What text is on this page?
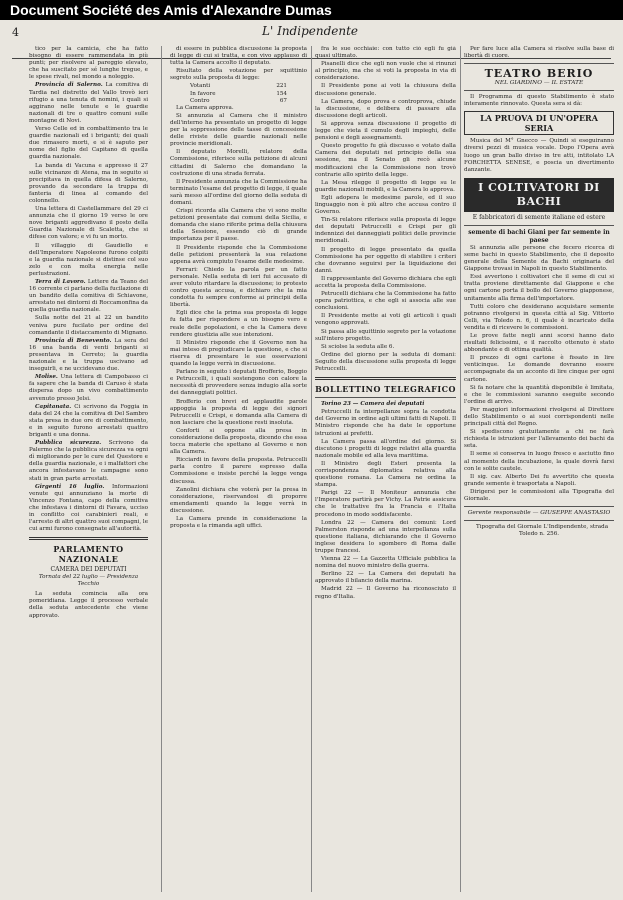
Document Société des Amis d'Alexandre Dumas
4	L' Indipendente

tico per la camicia, che ha fatto bisogno di essere rammendata in più punti; per risolvere al pareggio elevato, che ha suscitato per sé lunghe tregue, e le spese rivali, nel mondo a noleggio.

Provincia di Salerno. La comitiva di Tardia nel distretto del Vallo trovò ieri rifugio a una tenuta di nomini, i quali si aggirano nelle tenute e le guardie nazionali di tre o quattro comuni sulle montagne di Novi.

Verso Celle ed in combattimento tra le guardie nazionali ed i briganti; dei quali due rimasero morti, e si è saputo per nome del figlio del Capitano di quella guardia nazionale.

La banda di Vacuna e appresso il 27 sulle vicinanze di Atena, ma in seguito si precipitava in quella difesa di Salerno, provando da secondare la truppa di fanteria di linea al comando del colonnello.

Una lettera di Castellammare del 29 ci annunzia che il giorno 19 verso le ore nove briganti aggredivano il posto della Guardia Nazionale di Scaletta, che si difese con valore; e vi fu un morto.

Il villaggio di Gaudiello e dell'Imperatore Napoleone furono colpiti e la guardia nazionale si distinse col suo zelo e con molta energia nelle perlustrazioni.

Terra di Lavoro. Lettere da Teano del 16 corrente ci parlano della fucilazione di un bandito della comitiva di Schiavone, arrestato nei dintorni di Roccamonfina da quella guardia nazionale.

Sulla notte del 21 al 22 un bandito veniva pure fucilato per ordine del comandante il distaccamento di Mignano.

Provincia di Benevento. La sera del 16 una banda di venti briganti si presentava in Cerreto; la guardia nazionale e la truppa uscivano ad inseguirli, e ne uccidevano due.

Molise. Una lettera di Campobasso ci fa sapere che la banda di Caruso è stata dispersa dopo un vivo combattimento avvenuto presso Jelsi.

Capitanata. Ci scrivono da Foggia in data del 24 che la comitiva di Del Sambro stata presa in due ore di combattimento, e in seguito furono arrestati quattro briganti e una donna.

Pubblica sicurezza. Scrivono da Palermo che la pubblica sicurezza va ogni dì migliorando per le cure del Questore e della guardia nazionale, e i malfattori che ancora infestavano le campagne sono stati in gran parte arrestati.

Girgenti 16 luglio. Informazioni venute qui annunziano la morte di Vincenzo Fontana, capo della comitiva che infestava i dintorni di Favara, ucciso in conflitto coi carabinieri reali, e l'arresto di altri quattro suoi compagni, le cui armi furono consegnate all'autorità.

PARLAMENTO NAZIONALE
CAMERA DEI DEPUTATI
Tornata del 22 luglio — Presidenza Tecchio

La seduta comincia alla ora pomeridiana. Legge il processo verbale della seduta antecedente che viene approvato.

di essere in pubblica discussione la proposta di legge di cui si tratta, e con vivo applauso di tutta la Camera accolto il deputato.

Risultato della votazione per squittinio segreto sulla proposta di legge:

Votanti	221
In favore	154
Contro	67

La Camera approva.

Si annunzia al Camera che il ministro dell'interno ha presentato un progetto di legge per la soppressione delle tasse di concessione delle riviste delle guardie nazionali nelle provincie meridionali.

Il deputato Morelli, relatore della Commissione, riferisce sulla petizione di alcuni cittadini di Salerno che domandano la costruzione di una strada ferrata.

Il Presidente annunzia che la Commissione ha terminato l'esame del progetto di legge, il quale sarà messo all'ordine del giorno della seduta di domani.

Crispi ricorda alla Camera che vi sono molte petizioni presentate dai comuni della Sicilia, e domanda che siano riferite prima della chiusura della Sessione, essendo ciò di grande importanza per il paese.

Il Presidente risponde che la Commissione delle petizioni presenterà la sua relazione appena avrà compiuto l'esame delle medesime.

Ferrari: Chiedo la parola per un fatto personale. Nella seduta di ieri fui accusato di aver voluto ritardare la discussione; io protesto contro questa accusa, e dichiaro che la mia condotta fu sempre conforme ai principii della libertà.

Egli dice che la prima sua proposta di legge fu fatta per rispondere a un bisogno vero e reale delle popolazioni, e che la Camera deve rendere giustizia alle sue intenzioni.

Il Ministro risponde che il Governo non ha mai inteso di pregiudicare la questione, e che si riserva di presentare le sue osservazioni quando la legge verrà in discussione.

Parlano in seguito i deputati Brofferio, Boggio e Petruccelli, i quali sostengono con calore la necessità di provvedere senza indugio alla sorte dei danneggiati politici.

Brofferio con brevi ed applaudite parole appoggia la proposta di legge dei signori Petruccelli e Crispi, e domanda alla Camera di non lasciare che la questione resti insoluta.

Conforti si oppone alla presa in considerazione della proposta, dicendo che essa tocca materie che spettano al Governo e non alla Camera.

Ricciardi in favore della proposta. Petruccelli parla contro il parere espresso dalla Commissione e insiste perché la legge venga discussa.

Zanolini dichiara che voterà per la presa in considerazione, riservandosi di proporre emendamenti quando la legge verrà in discussione.

La Camera prende in considerazione la proposta e la rimanda agli uffici.

fra le sue occhiaie: con tutto ciò egli fu già quasi ultimato.

Pisanelli dice che egli non vuole che si rinunzi al principio, ma che si voti la proposta in via di considerazione.

Il Presidente pone ai voti la chiusura della discussione generale.

La Camera, dopo prova e controprova, chiude la discussione, e delibera di passare alla discussione degli articoli.

Si approva senza discussione il progetto di legge che vieta il cumulo degli impieghi, delle pensioni e degli assegnamenti.

Questo progetto fu già discusso e votato dalla Camera dei deputati nel principio della sua sessione, ma il Senato gli recò alcune modificazioni che la Commissione non trovò contrarie allo spirito della legge.

La Mesa rilegge il progetto di legge su le guardie nazionali mobili, e la Camera lo approva.

Egli adopera le medesime parole, ed il suo linguaggio non è più altro che accusa contro il Governo.

Tin-Si relatore riferisce sulla proposta di legge dei deputati Petruccelli e Crispi per gli indennizzi dei danneggiati politici delle provincie meridionali.

Il progetto di legge presentato da quella Commissione ha per oggetto di stabilire i criteri che dovranno seguirsi per la liquidazione dei danni.

Il rappresentante del Governo dichiara che egli accetta la proposta della Commissione.

Petrucelli dichiara che la Commissione ha fatto opera patriottica, e che egli si associa alle sue conclusioni.

Il Presidente mette ai voti gli articoli i quali vengono approvati.

Si passa allo squittinio segreto per la votazione sull'intero progetto.

Si sciolse la seduta alle 6.

Ordine del giorno per la seduta di domani: Seguito della discussione sulla proposta di legge Petruccelli.

BOLLETTINO TELEGRAFICO

Torino 23 — Camera dei deputati

Petruccelli fa interpellanze sopra la condotta del Governo in ordine agli ultimi fatti di Napoli. Il Ministro risponde che ha date le opportune istruzioni ai prefetti.

La Camera passa all'ordine del giorno. Si discutono i progetti di legge relativi alla guardia nazionale mobile ed alla leva marittima.

Il Ministro degli Esteri presenta la corrispondenza diplomatica relativa alla questione romana. La Camera ne ordina la stampa.

Parigi 22 — Il Moniteur annunzia che l'Imperatore partirà per Vichy. La Patrie assicura che le trattative fra la Francia e l'Italia procedono in modo soddisfacente.

Londra 22 — Camera dei comuni: Lord Palmerston risponde ad una interpellanza sulla questione italiana, dichiarando che il Governo inglese desidera lo sgombero di Roma dalle truppe francesi.

Vienna 22 — La Gazzetta Ufficiale pubblica la nomina del nuovo ministro della guerra.

Berlino 22 — La Camera dei deputati ha approvato il bilancio della marina.

Madrid 22 — Il Governo ha riconosciuto il regno d'Italia.

Per fare luce alla Camera si risolve sulla base di libertà di cuore.

TEATRO BERIO
NEL GIARDINO — IL ESTATE

Il Programma di questo Stabilimento è stato interamente rinnovato. Questa sera si dà:

LA PRUOVA DI UN'OPERA SERIA

Musica del M° Gnecco — Quindi si eseguiranno diversi pezzi di musica vocale. Dopo l'Opera avrà luogo un gran ballo diviso in tre atti, intitolato LA FORCHETTA SENESE, e poscia un divertimento danzante.

I COLTIVATORI DI BACHI
E fabbricatori di semente italiane ed estere
semente di bachi Giani per far semente in paese

Si annunzia alle persone che fecero ricerca di seme bachi in questo Stabilimento, che il deposito generale della Semente da Bachi originaria del Giappone trovasi in Napoli in questo Stabilimento.

Essi avvertono i coltivatori che il seme di cui si tratta proviene direttamente dal Giappone e che ogni cartone porta il bollo del Governo giapponese, unitamente alla firma dell'importatore.

Tutti coloro che desiderano acquistare semente potranno rivolgersi in questa città al Sig. Vittorio Celli, via Toledo n. 6, il quale è incaricato della vendita e di ricevere le commissioni.

Le prove fatte negli anni scorsi hanno dato risultati felicissimi, e il raccolto ottenuto è stato abbondante e di ottima qualità.

Il prezzo di ogni cartone è fissato in lire venticinque. Le domande dovranno essere accompagnate da un acconto di lire cinque per ogni cartone.

Si fa notare che la quantità disponibile è limitata, e che le commissioni saranno eseguite secondo l'ordine di arrivo.

Per maggiori informazioni rivolgersi al Direttore dello Stabilimento o ai suoi corrispondenti nelle principali città del Regno.

Si spediscono gratuitamente a chi ne farà richiesta le istruzioni per l'allevamento dei bachi da seta.

Il seme si conserva in luogo fresco e asciutto fino al momento della incubazione, la quale dovrà farsi con le solite cautele.

Il sig. cav. Alberto Dei fu avvertito che questa grande semente è trasportata a Napoli.

Dirigersi per le commissioni alla Tipografia del Giornale.

Gerente responsabile — GIUSEPPE ANASTASIO

Tipografia del Giornale L'Indipendente, strada Toledo n. 256.
